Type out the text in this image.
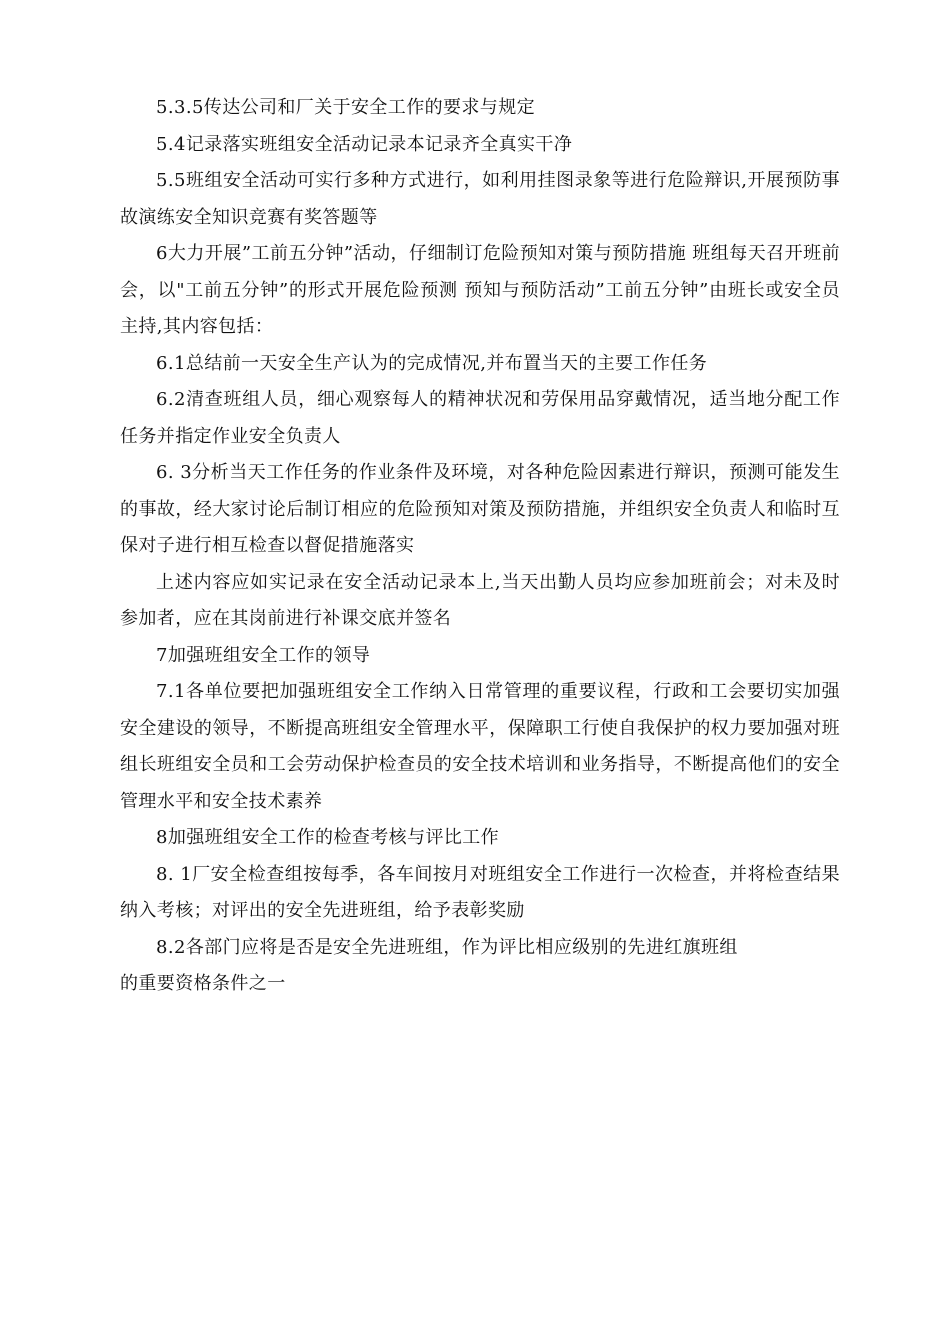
5.3.5传达公司和厂关于安全工作的要求与规定

5.4记录落实班组安全活动记录本记录齐全真实干净

5.5班组安全活动可实行多种方式进行，如利用挂图录象等进行危险辩识,开展预防事故演练安全知识竞赛有奖答题等

6大力开展”工前五分钟”活动，仔细制订危险预知对策与预防措施 班组每天召开班前会，以"工前五分钟”的形式开展危险预测 预知与预防活动”工前五分钟”由班长或安全员主持,其内容包括：

6.1总结前一天安全生产认为的完成情况,并布置当天的主要工作任务

6.2清查班组人员，细心观察每人的精神状况和劳保用品穿戴情况，适当地分配工作任务并指定作业安全负责人

6. 3分析当天工作任务的作业条件及环境，对各种危险因素进行辩识，预测可能发生的事故，经大家讨论后制订相应的危险预知对策及预防措施，并组织安全负责人和临时互保对子进行相互检查以督促措施落实

上述内容应如实记录在安全活动记录本上,当天出勤人员均应参加班前会；对未及时参加者，应在其岗前进行补课交底并签名

7加强班组安全工作的领导

7.1各单位要把加强班组安全工作纳入日常管理的重要议程，行政和工会要切实加强安全建设的领导，不断提高班组安全管理水平，保障职工行使自我保护的权力要加强对班组长班组安全员和工会劳动保护检查员的安全技术培训和业务指导，不断提高他们的安全管理水平和安全技术素养

8加强班组安全工作的检查考核与评比工作

8. 1厂安全检查组按每季，各车间按月对班组安全工作进行一次检查，并将检查结果纳入考核；对评出的安全先进班组，给予表彰奖励

8.2各部门应将是否是安全先进班组，作为评比相应级别的先进红旗班组

的重要资格条件之一
